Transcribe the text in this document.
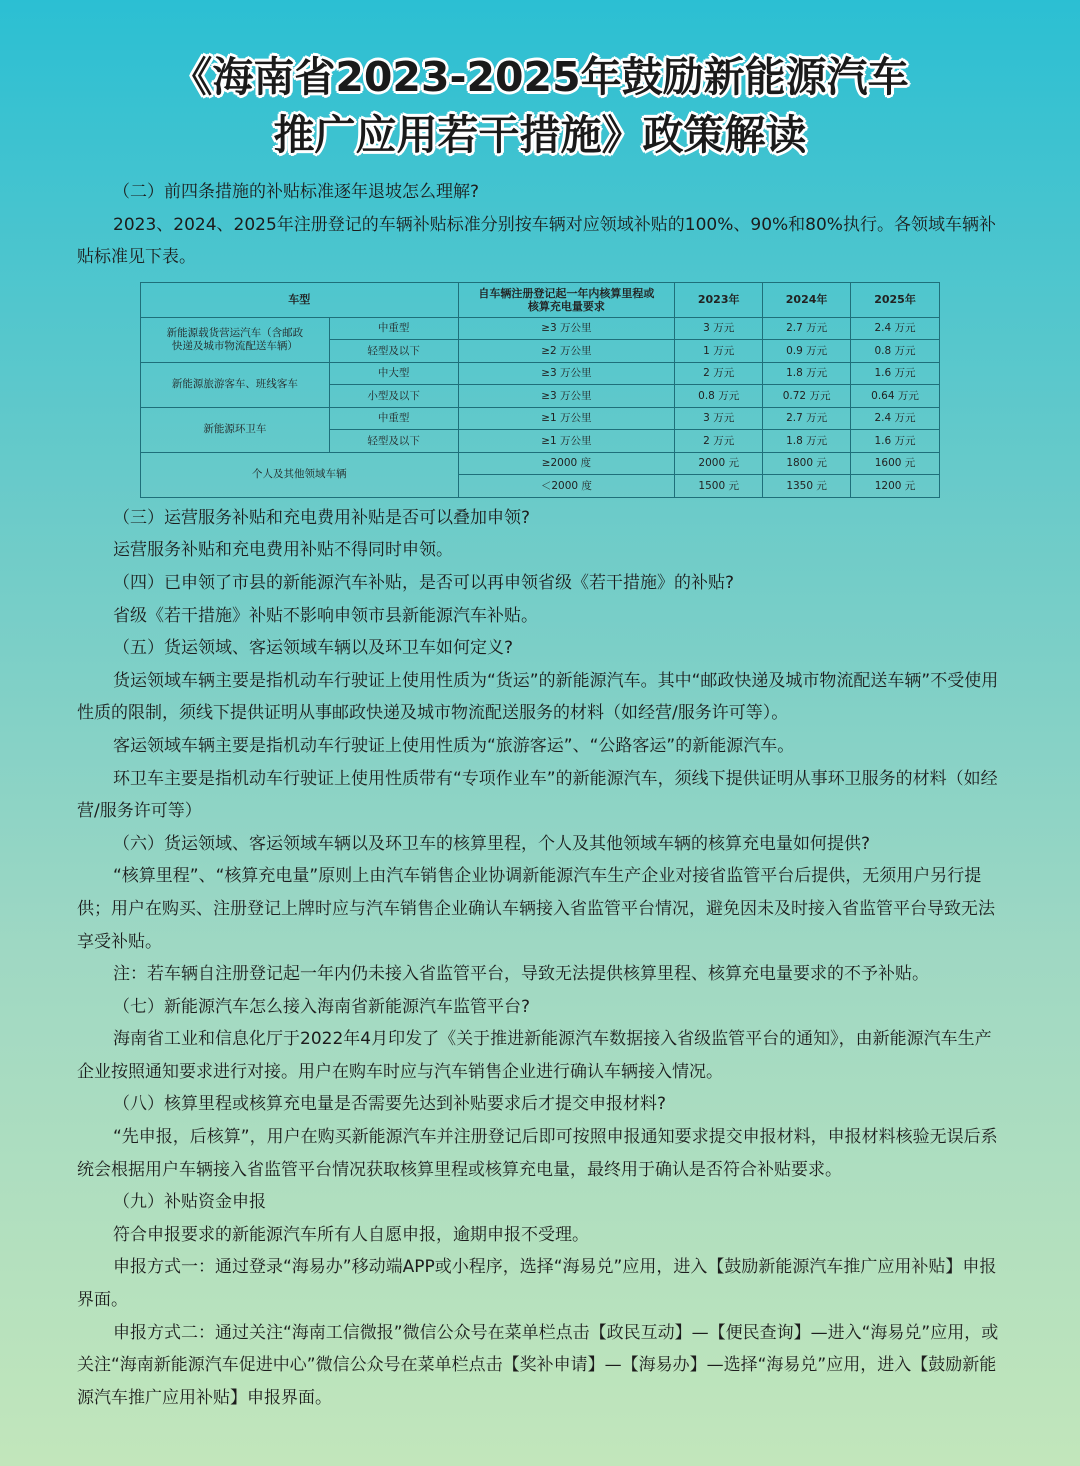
《海南省2023-2025年鼓励新能源汽车
推广应用若干措施》政策解读

（二）前四条措施的补贴标准逐年退坡怎么理解?

2023、2024、2025年注册登记的车辆补贴标准分别按车辆对应领域补贴的100%、90%和80%执行。各领域车辆补贴标准见下表。

车型		自车辆注册登记起一年内核算里程或
核算充电量要求	2023年	2024年	2025年

新能源载货营运汽车（含邮政
快递及城市物流配送车辆）	中重型	≥3 万公里	3 万元	2.7 万元	2.4 万元
	轻型及以下	≥2 万公里	1 万元	0.9 万元	0.8 万元
新能源旅游客车、班线客车	中大型	≥3 万公里	2 万元	1.8 万元	1.6 万元
	小型及以下	≥3 万公里	0.8 万元	0.72 万元	0.64 万元
新能源环卫车	中重型	≥1 万公里	3 万元	2.7 万元	2.4 万元
	轻型及以下	≥1 万公里	2 万元	1.8 万元	1.6 万元
个人及其他领域车辆		≥2000 度	2000 元	1800 元	1600 元
		＜2000 度	1500 元	1350 元	1200 元

（三）运营服务补贴和充电费用补贴是否可以叠加申领?

运营服务补贴和充电费用补贴不得同时申领。

（四）已申领了市县的新能源汽车补贴，是否可以再申领省级《若干措施》的补贴?

省级《若干措施》补贴不影响申领市县新能源汽车补贴。

（五）货运领域、客运领域车辆以及环卫车如何定义?

货运领域车辆主要是指机动车行驶证上使用性质为“货运”的新能源汽车。其中“邮政快递及城市物流配送车辆”不受使用性质的限制，须线下提供证明从事邮政快递及城市物流配送服务的材料（如经营/服务许可等）。

客运领域车辆主要是指机动车行驶证上使用性质为“旅游客运”、“公路客运”的新能源汽车。

环卫车主要是指机动车行驶证上使用性质带有“专项作业车”的新能源汽车，须线下提供证明从事环卫服务的材料（如经营/服务许可等）

（六）货运领域、客运领域车辆以及环卫车的核算里程，个人及其他领域车辆的核算充电量如何提供?

“核算里程”、“核算充电量”原则上由汽车销售企业协调新能源汽车生产企业对接省监管平台后提供，无须用户另行提供；用户在购买、注册登记上牌时应与汽车销售企业确认车辆接入省监管平台情况，避免因未及时接入省监管平台导致无法享受补贴。

注：若车辆自注册登记起一年内仍未接入省监管平台，导致无法提供核算里程、核算充电量要求的不予补贴。

（七）新能源汽车怎么接入海南省新能源汽车监管平台?

海南省工业和信息化厅于2022年4月印发了《关于推进新能源汽车数据接入省级监管平台的通知》，由新能源汽车生产企业按照通知要求进行对接。用户在购车时应与汽车销售企业进行确认车辆接入情况。

（八）核算里程或核算充电量是否需要先达到补贴要求后才提交申报材料?

“先申报，后核算”，用户在购买新能源汽车并注册登记后即可按照申报通知要求提交申报材料，申报材料核验无误后系统会根据用户车辆接入省监管平台情况获取核算里程或核算充电量，最终用于确认是否符合补贴要求。

（九）补贴资金申报

符合申报要求的新能源汽车所有人自愿申报，逾期申报不受理。

申报方式一：通过登录“海易办”移动端APP或小程序，选择“海易兑”应用，进入【鼓励新能源汽车推广应用补贴】申报界面。

申报方式二：通过关注“海南工信微报”微信公众号在菜单栏点击【政民互动】—【便民查询】—进入“海易兑”应用，或关注“海南新能源汽车促进中心”微信公众号在菜单栏点击【奖补申请】—【海易办】—选择“海易兑”应用，进入【鼓励新能源汽车推广应用补贴】申报界面。
